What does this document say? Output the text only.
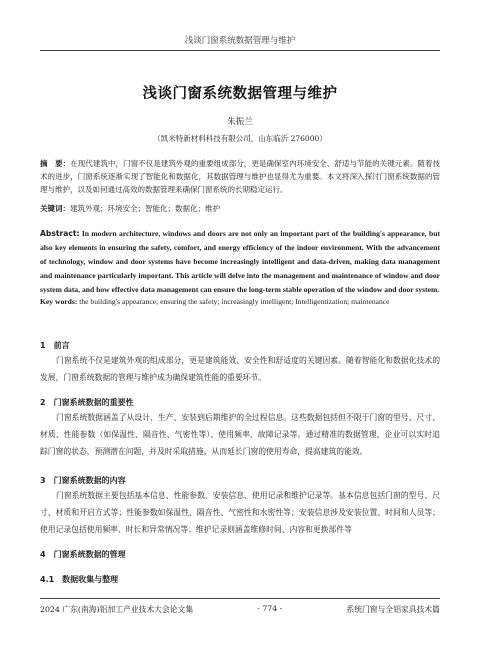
浅谈门窗系统数据管理与维护
浅谈门窗系统数据管理与维护
朱振兰
（凯米特新材料科技有限公司，山东临沂 276000）
摘　要：在现代建筑中，门窗不仅是建筑外观的重要组成部分，更是确保室内环境安全、舒适与节能的关键元素。随着技术的进步，门窗系统逐渐实现了智能化和数据化，其数据管理与维护也显得尤为重要。本文将深入探讨门窗系统数据的管理与维护，以及如何通过高效的数据管理来确保门窗系统的长期稳定运行。
关键词：建筑外观；环境安全；智能化；数据化；维护
Abstract: In modern architecture, windows and doors are not only an important part of the building's appearance, but also key elements in ensuring the safety, comfort, and energy efficiency of the indoor environment. With the advancement of technology, window and door systems have become increasingly intelligent and data-driven, making data management and maintenance particularly important. This article will delve into the management and maintenance of window and door system data, and how effective data management can ensure the long-term stable operation of the window and door system.
Key words: the building's appearance; ensuring the safety; increasingly intelligent; Intelligentization; maintenance
1　前言
门窗系统不仅是建筑外观的组成部分，更是建筑能效、安全性和舒适度的关键因素。随着智能化和数据化技术的发展，门窗系统数据的管理与维护成为确保建筑性能的重要环节。
2　门窗系统数据的重要性
门窗系统数据涵盖了从设计、生产、安装到后期维护的全过程信息。这些数据包括但不限于门窗的型号、尺寸、材质、性能参数（如保温性、隔音性、气密性等）、使用频率、故障记录等。通过精准的数据管理，企业可以实时追踪门窗的状态，预测潜在问题，并及时采取措施，从而延长门窗的使用寿命，提高建筑的能效。
3　门窗系统数据的内容
门窗系统数据主要包括基本信息、性能参数、安装信息、使用记录和维护记录等。基本信息包括门窗的型号、尺寸、材质和开启方式等；性能参数如保温性、隔音性、气密性和水密性等；安装信息涉及安装位置、时间和人员等；使用记录包括使用频率、时长和异常情况等；维护记录则涵盖维修时间、内容和更换部件等
4　门窗系统数据的管理
4.1　数据收集与整理
2024 广东(南海)铝加工产业技术大会论文集	- 774 -	系统门窗与全铝家具技术篇
